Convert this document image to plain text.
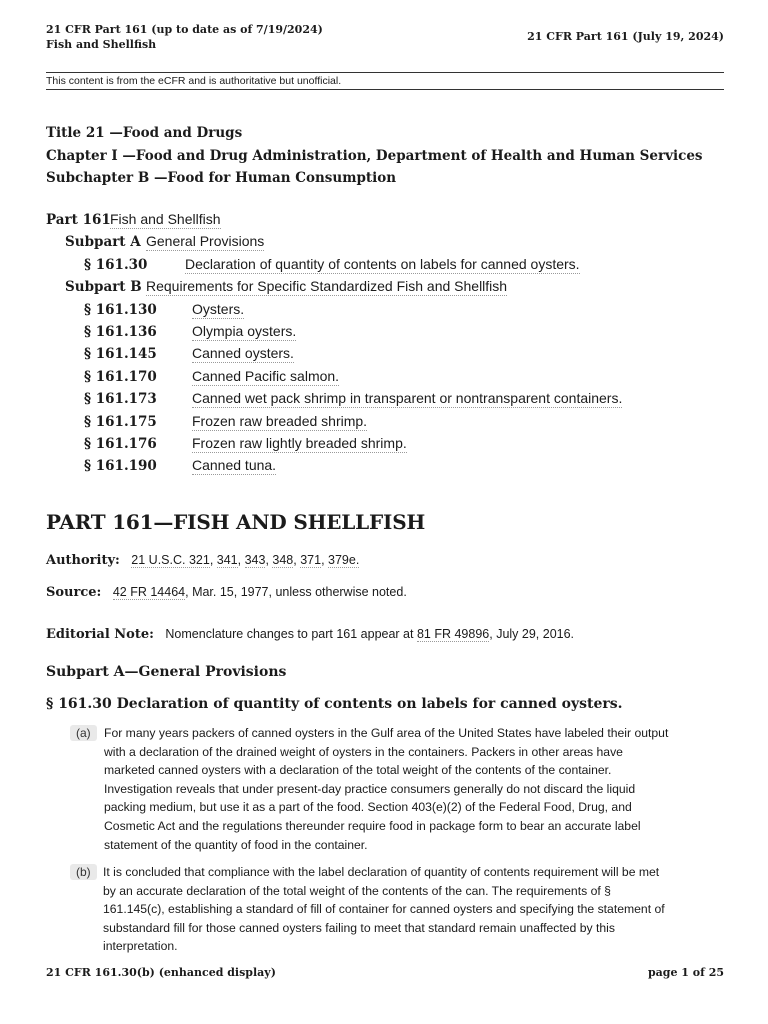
21 CFR Part 161 (up to date as of 7/19/2024)
Fish and Shellfish
21 CFR Part 161 (July 19, 2024)
This content is from the eCFR and is authoritative but unofficial.
Title 21 —Food and Drugs
Chapter I —Food and Drug Administration, Department of Health and Human Services
Subchapter B —Food for Human Consumption
Part 161Fish and Shellfish
Subpart A General Provisions
§ 161.30	Declaration of quantity of contents on labels for canned oysters.
Subpart B Requirements for Specific Standardized Fish and Shellfish
§ 161.130	Oysters.
§ 161.136	Olympia oysters.
§ 161.145	Canned oysters.
§ 161.170	Canned Pacific salmon.
§ 161.173	Canned wet pack shrimp in transparent or nontransparent containers.
§ 161.175	Frozen raw breaded shrimp.
§ 161.176	Frozen raw lightly breaded shrimp.
§ 161.190	Canned tuna.
PART 161—FISH AND SHELLFISH
Authority: 21 U.S.C. 321, 341, 343, 348, 371, 379e.
Source: 42 FR 14464, Mar. 15, 1977, unless otherwise noted.
Editorial Note: Nomenclature changes to part 161 appear at 81 FR 49896, July 29, 2016.
Subpart A—General Provisions
§ 161.30 Declaration of quantity of contents on labels for canned oysters.
(a)	For many years packers of canned oysters in the Gulf area of the United States have labeled their output
with a declaration of the drained weight of oysters in the containers. Packers in other areas have
marketed canned oysters with a declaration of the total weight of the contents of the container.
Investigation reveals that under present-day practice consumers generally do not discard the liquid
packing medium, but use it as a part of the food. Section 403(e)(2) of the Federal Food, Drug, and
Cosmetic Act and the regulations thereunder require food in package form to bear an accurate label
statement of the quantity of food in the container.
(b)	It is concluded that compliance with the label declaration of quantity of contents requirement will be met
by an accurate declaration of the total weight of the contents of the can. The requirements of §
161.145(c), establishing a standard of fill of container for canned oysters and specifying the statement of
substandard fill for those canned oysters failing to meet that standard remain unaffected by this
interpretation.
21 CFR 161.30(b) (enhanced display)	page 1 of 25
